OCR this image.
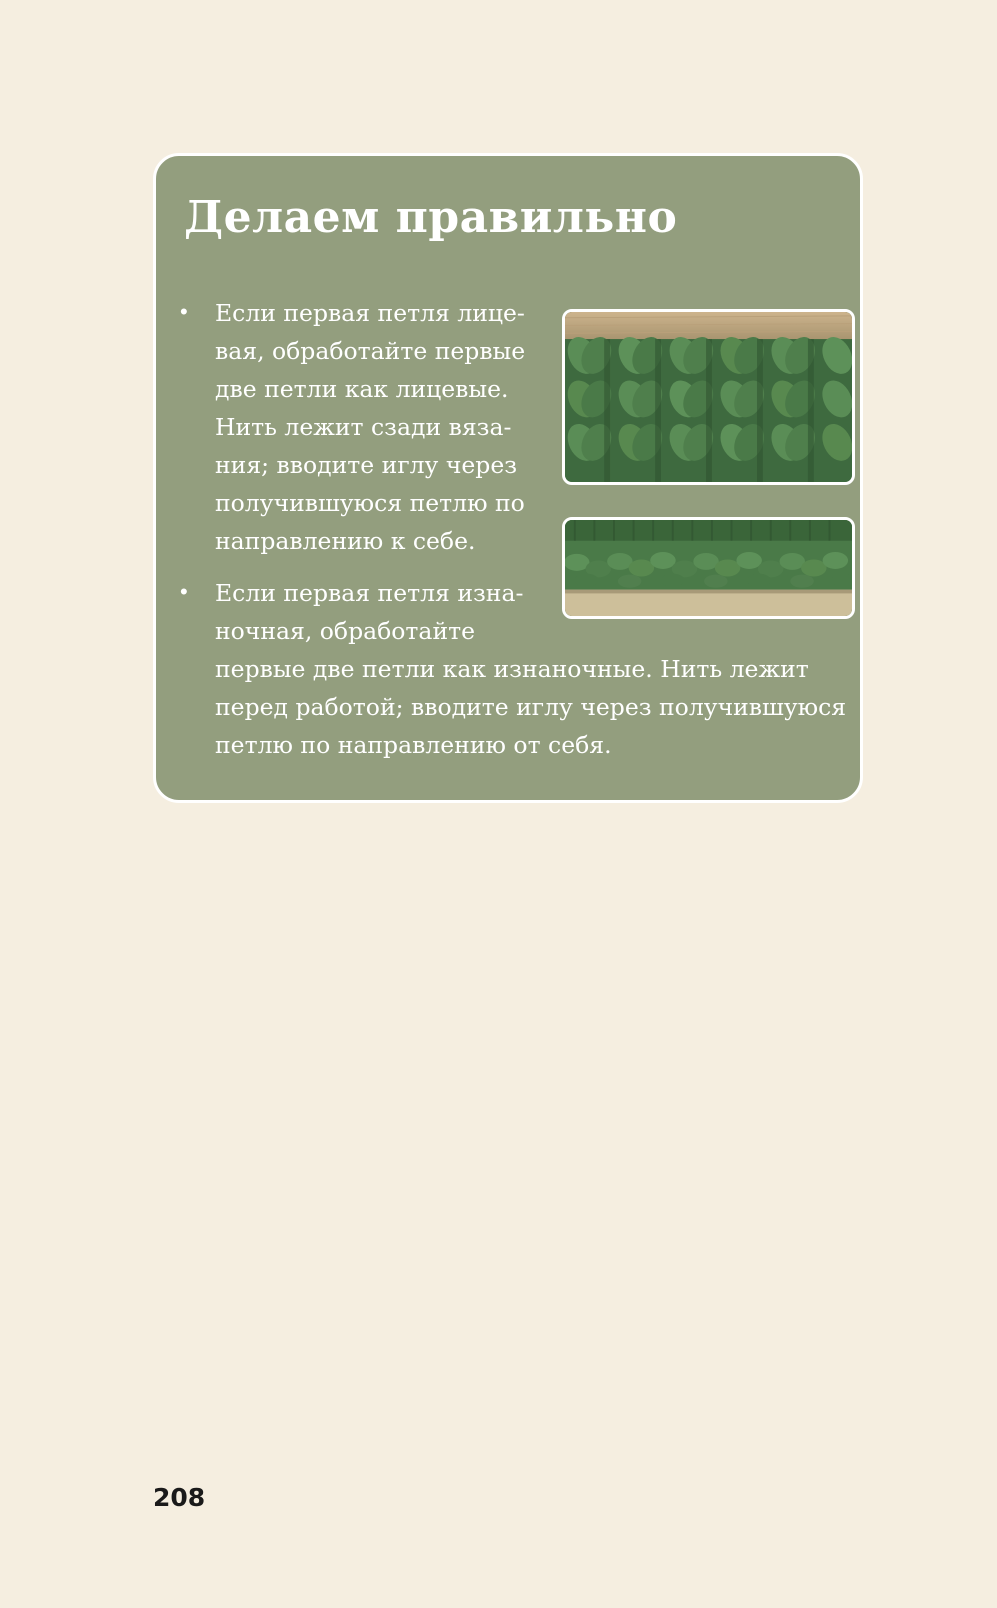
Делаем правильно
• Если первая петля лице-
вая, обработайте первые
две петли как лицевые.
Нить лежит сзади вяза-
ния; вводите иглу через
получившуюся петлю по
направлению к себе.

• Если первая петля изна-
ночная, обработайте
первые две петли как изнаночные. Нить лежит
перед работой; вводите иглу через получившуюся
петлю по направлению от себя.

208
